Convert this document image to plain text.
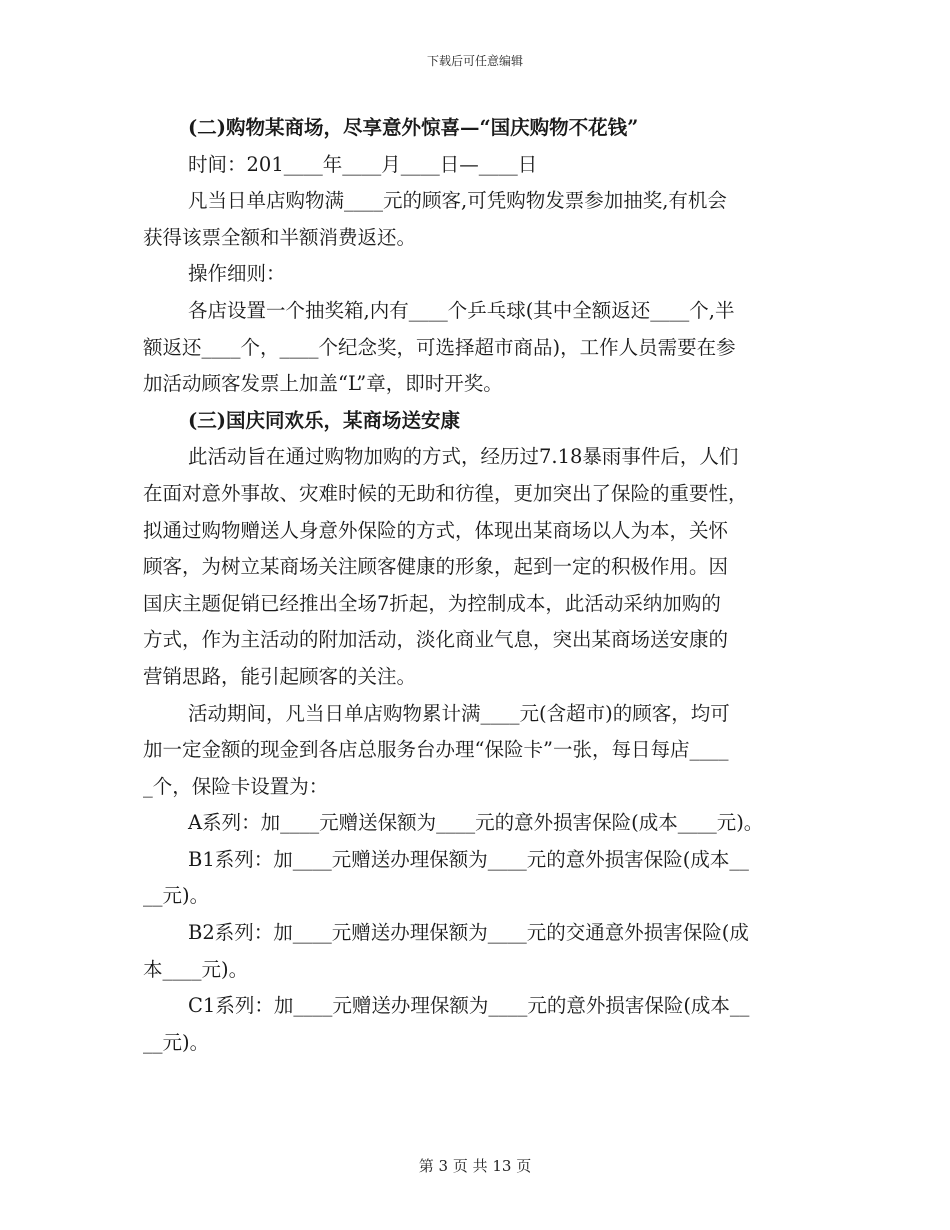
下载后可任意编辑
(二)购物某商场，尽享意外惊喜—“国庆购物不花钱”
时间：201____年____月____日—____日
凡当日单店购物满____元的顾客,可凭购物发票参加抽奖,有机会
获得该票全额和半额消费返还。
操作细则：
各店设置一个抽奖箱,内有____个乒乓球(其中全额返还____个,半
额返还____个，____个纪念奖，可选择超市商品)，工作人员需要在参
加活动顾客发票上加盖“L”章，即时开奖。
(三)国庆同欢乐，某商场送安康
此活动旨在通过购物加购的方式，经历过7.18暴雨事件后，人们
在面对意外事故、灾难时候的无助和彷徨，更加突出了保险的重要性，
拟通过购物赠送人身意外保险的方式，体现出某商场以人为本，关怀
顾客，为树立某商场关注顾客健康的形象，起到一定的积极作用。因
国庆主题促销已经推出全场7折起，为控制成本，此活动采纳加购的
方式，作为主活动的附加活动，淡化商业气息，突出某商场送安康的
营销思路，能引起顾客的关注。
活动期间，凡当日单店购物累计满____元(含超市)的顾客，均可
加一定金额的现金到各店总服务台办理“保险卡”一张，每日每店____
_个，保险卡设置为：
A系列：加____元赠送保额为____元的意外损害保险(成本____元)。
B1系列：加____元赠送办理保额为____元的意外损害保险(成本__
__元)。
B2系列：加____元赠送办理保额为____元的交通意外损害保险(成
本____元)。
C1系列：加____元赠送办理保额为____元的意外损害保险(成本__
__元)。
第 3 页 共 13 页
